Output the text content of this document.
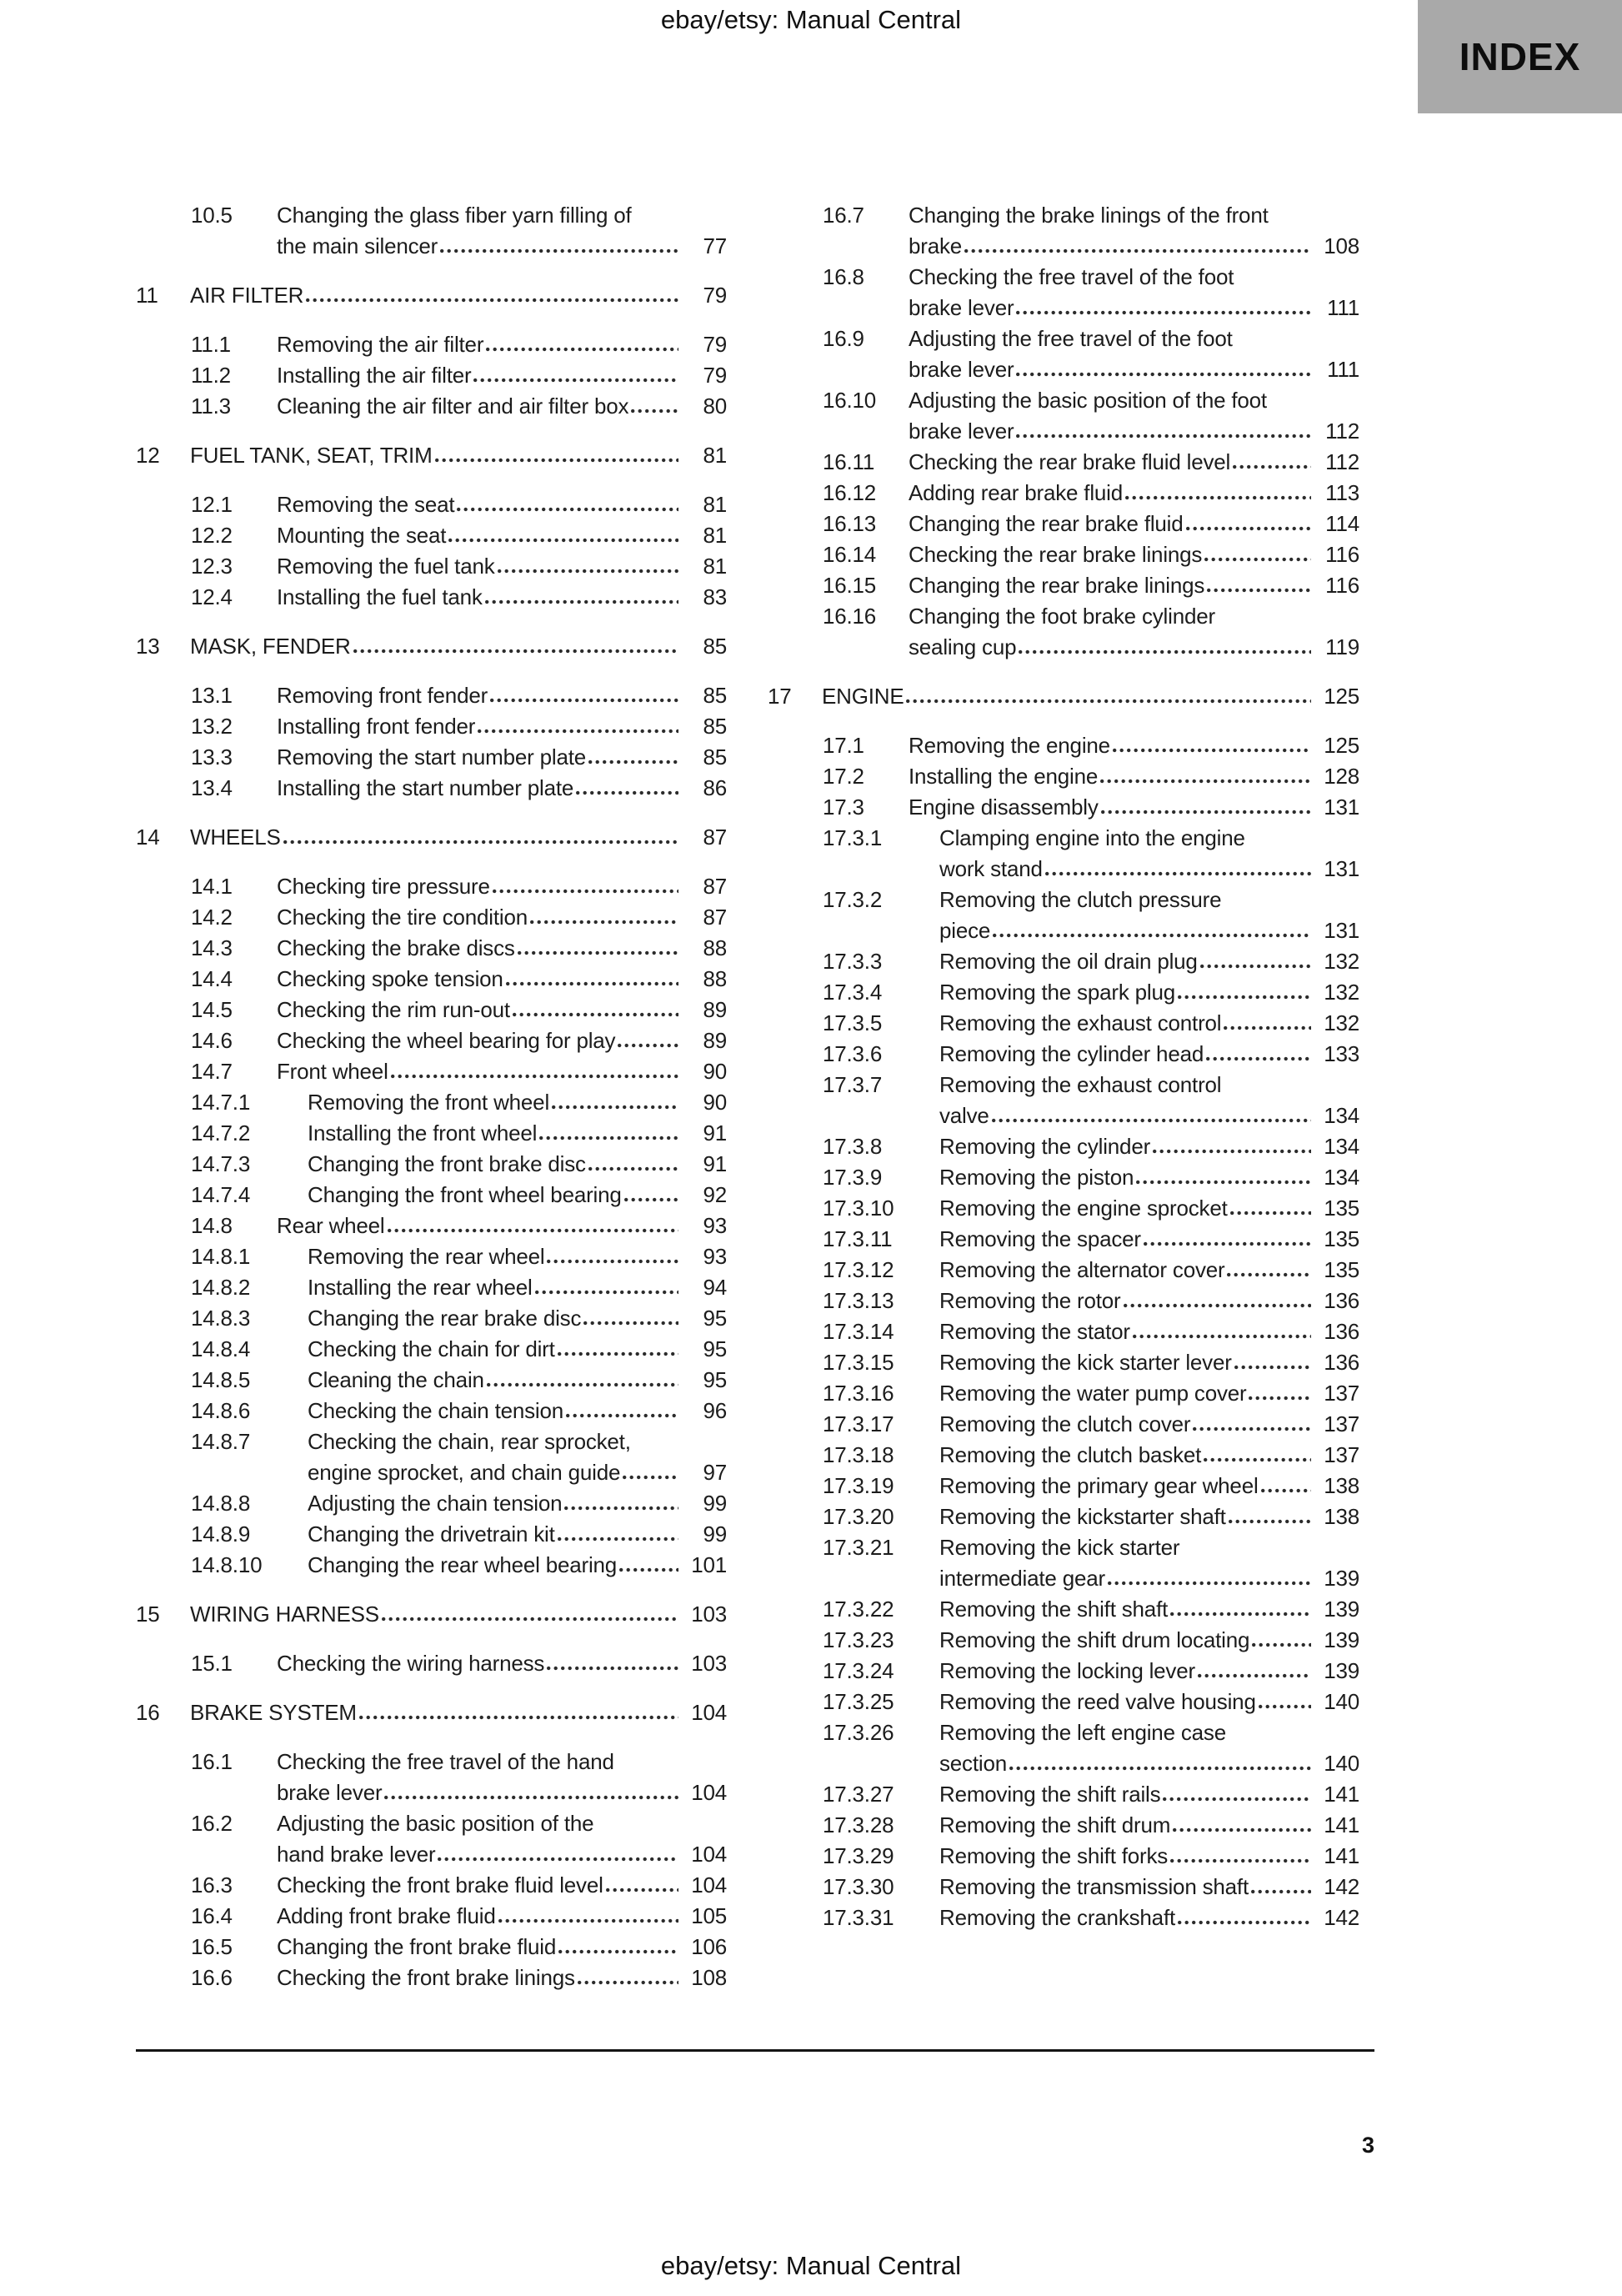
ebay/etsy: Manual Central
INDEX
10.5 Changing the glass fiber yarn filling of
the main silencer	77
11 AIR FILTER	79
11.1 Removing the air filter	79
11.2 Installing the air filter	79
11.3 Cleaning the air filter and air filter box	80
12 FUEL TANK, SEAT, TRIM	81
12.1 Removing the seat	81
12.2 Mounting the seat	81
12.3 Removing the fuel tank	81
12.4 Installing the fuel tank	83
13 MASK, FENDER	85
13.1 Removing front fender	85
13.2 Installing front fender	85
13.3 Removing the start number plate	85
13.4 Installing the start number plate	86
14 WHEELS	87
14.1 Checking tire pressure	87
14.2 Checking the tire condition	87
14.3 Checking the brake discs	88
14.4 Checking spoke tension	88
14.5 Checking the rim run-out	89
14.6 Checking the wheel bearing for play	89
14.7 Front wheel	90
14.7.1	Removing the front wheel	90
14.7.2	Installing the front wheel	91
14.7.3	Changing the front brake disc	91
14.7.4	Changing the front wheel bearing	92
14.8 Rear wheel	93
14.8.1	Removing the rear wheel	93
14.8.2	Installing the rear wheel	94
14.8.3	Changing the rear brake disc	95
14.8.4	Checking the chain for dirt	95
14.8.5	Cleaning the chain	95
14.8.6	Checking the chain tension	96
14.8.7	Checking the chain, rear sprocket,
engine sprocket, and chain guide	97
14.8.8	Adjusting the chain tension	99
14.8.9	Changing the drivetrain kit	99
14.8.10 Changing the rear wheel bearing	101
15 WIRING HARNESS	103
15.1 Checking the wiring harness	103
16 BRAKE SYSTEM	104
16.1 Checking the free travel of the hand
brake lever	104
16.2 Adjusting the basic position of the
hand brake lever	104
16.3 Checking the front brake fluid level	104
16.4 Adding front brake fluid	105
16.5 Changing the front brake fluid	106
16.6 Checking the front brake linings	108
16.7 Changing the brake linings of the front
brake	108
16.8 Checking the free travel of the foot
brake lever	111
16.9 Adjusting the free travel of the foot
brake lever	111
16.10 Adjusting the basic position of the foot
brake lever	112
16.11 Checking the rear brake fluid level	112
16.12 Adding rear brake fluid	113
16.13 Changing the rear brake fluid	114
16.14 Checking the rear brake linings	116
16.15 Changing the rear brake linings	116
16.16 Changing the foot brake cylinder
sealing cup	119
17 ENGINE	125
17.1 Removing the engine	125
17.2 Installing the engine	128
17.3 Engine disassembly	131
17.3.1	Clamping engine into the engine
work stand	131
17.3.2	Removing the clutch pressure
piece	131
17.3.3	Removing the oil drain plug	132
17.3.4	Removing the spark plug	132
17.3.5	Removing the exhaust control	132
17.3.6	Removing the cylinder head	133
17.3.7	Removing the exhaust control
valve	134
17.3.8	Removing the cylinder	134
17.3.9	Removing the piston	134
17.3.10 Removing the engine sprocket	135
17.3.11 Removing the spacer	135
17.3.12 Removing the alternator cover	135
17.3.13 Removing the rotor	136
17.3.14 Removing the stator	136
17.3.15 Removing the kick starter lever	136
17.3.16 Removing the water pump cover	137
17.3.17 Removing the clutch cover	137
17.3.18 Removing the clutch basket	137
17.3.19 Removing the primary gear wheel	138
17.3.20 Removing the kickstarter shaft	138
17.3.21 Removing the kick starter
intermediate gear	139
17.3.22 Removing the shift shaft	139
17.3.23 Removing the shift drum locating	139
17.3.24 Removing the locking lever	139
17.3.25 Removing the reed valve housing	140
17.3.26 Removing the left engine case
section	140
17.3.27 Removing the shift rails	141
17.3.28 Removing the shift drum	141
17.3.29 Removing the shift forks	141
17.3.30 Removing the transmission shaft	142
17.3.31 Removing the crankshaft	142
3
ebay/etsy: Manual Central
